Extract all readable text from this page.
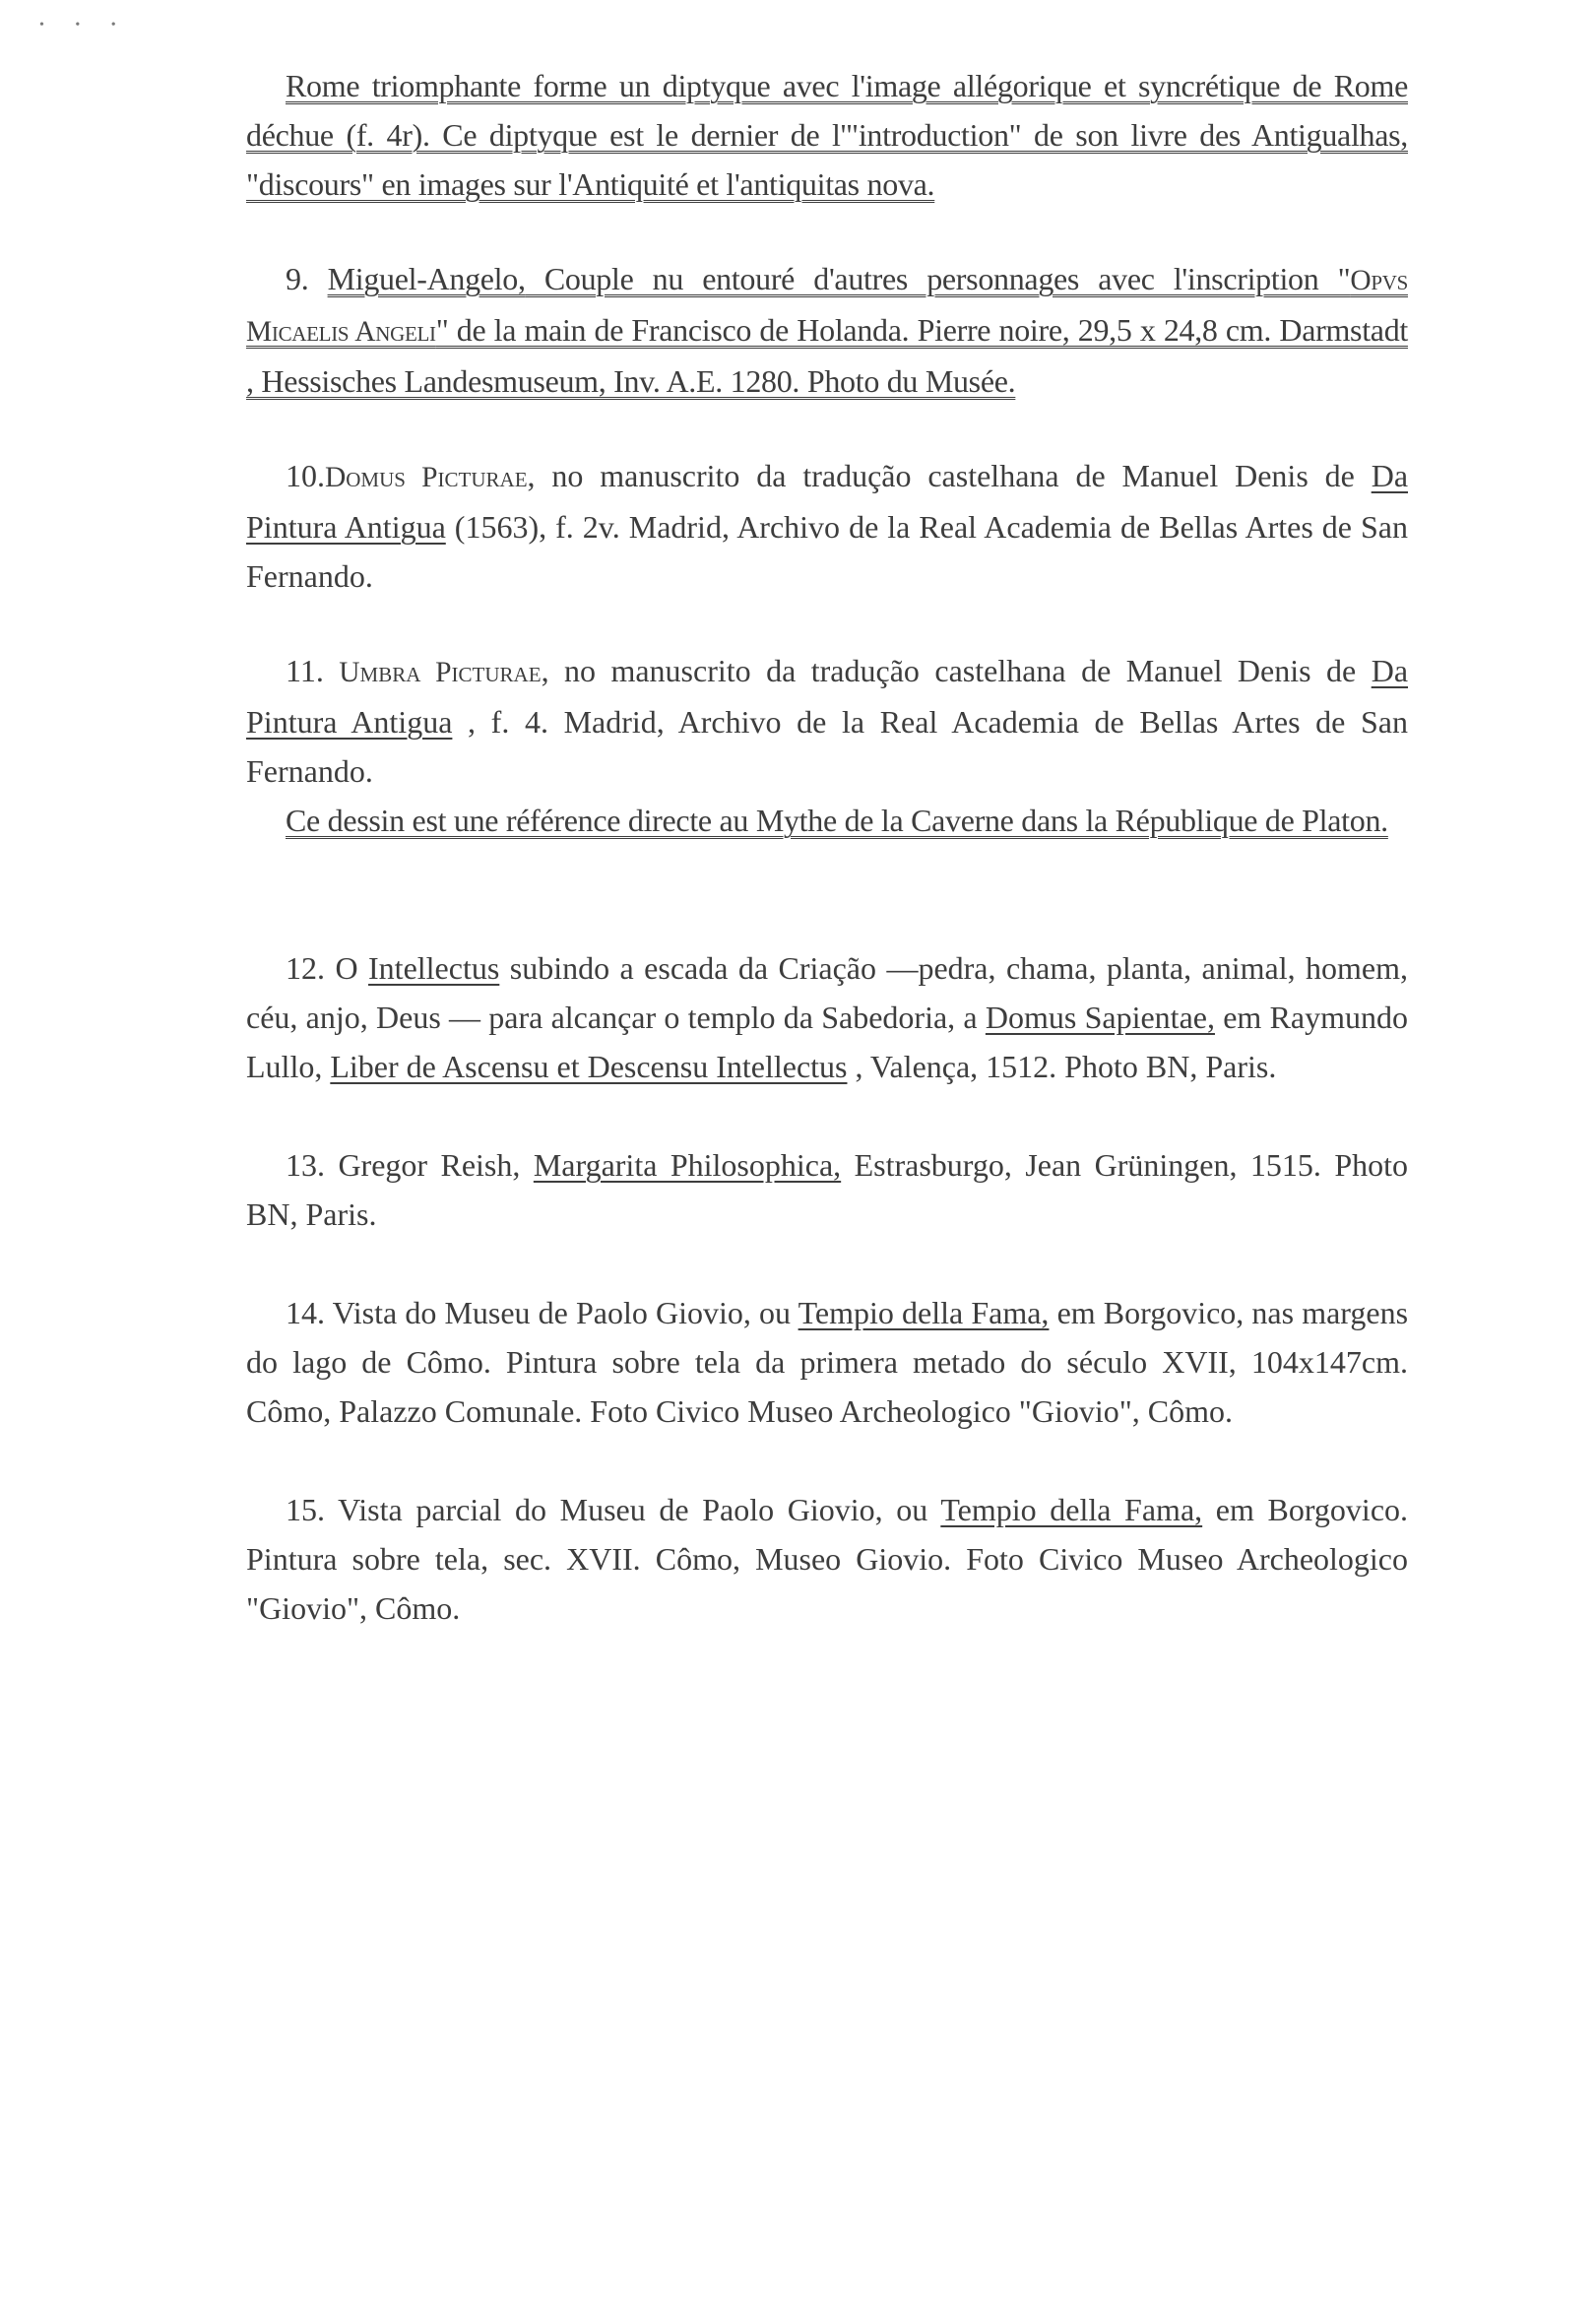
• • •

Rome triomphante forme un diptyque avec l'image allégorique et syncrétique de Rome déchue (f. 4r). Ce diptyque est le dernier de l'"introduction" de son livre des Antigualhas, "discours" en images sur l'Antiquité et l'antiquitas nova.

9. Miguel-Angelo, Couple nu entouré d'autres personnages avec l'inscription "Opvs Micaelis Angeli" de la main de Francisco de Holanda. Pierre noire, 29,5 x 24,8 cm. Darmstadt , Hessisches Landesmuseum, Inv. A.E. 1280. Photo du Musée.

10.Domus Picturae, no manuscrito da tradução castelhana de Manuel Denis de Da Pintura Antigua (1563), f. 2v. Madrid, Archivo de la Real Academia de Bellas Artes de San Fernando.

11. Umbra Picturae, no manuscrito da tradução castelhana de Manuel Denis de Da Pintura Antigua , f. 4. Madrid, Archivo de la Real Academia de Bellas Artes de San Fernando.

Ce dessin est une référence directe au Mythe de la Caverne dans la République de Platon.

12. O Intellectus subindo a escada da Criação —pedra, chama, planta, animal, homem, céu, anjo, Deus — para alcançar o templo da Sabedoria, a Domus Sapientae, em Raymundo Lullo, Liber de Ascensu et Descensu Intellectus , Valença, 1512. Photo BN, Paris.

13. Gregor Reish, Margarita Philosophica, Estrasburgo, Jean Grüningen, 1515. Photo BN, Paris.

14. Vista do Museu de Paolo Giovio, ou Tempio della Fama, em Borgovico, nas margens do lago de Cômo. Pintura sobre tela da primera metado do século XVII, 104x147cm. Cômo, Palazzo Comunale. Foto Civico Museo Archeologico "Giovio", Cômo.

15. Vista parcial do Museu de Paolo Giovio, ou Tempio della Fama, em Borgovico. Pintura sobre tela, sec. XVII. Cômo, Museo Giovio. Foto Civico Museo Archeologico "Giovio", Cômo.
